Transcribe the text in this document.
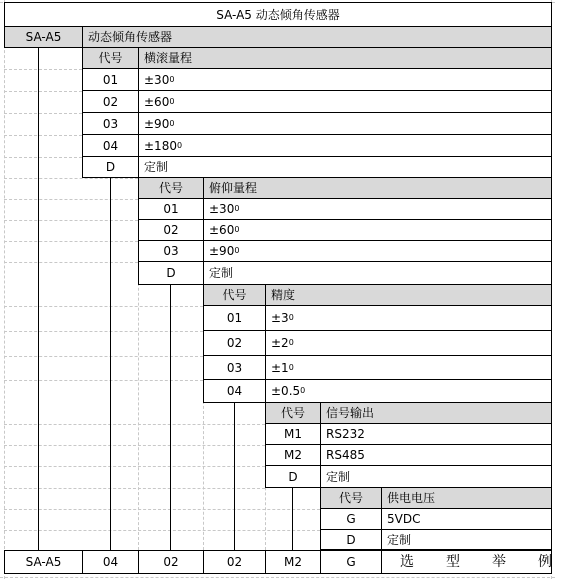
SA-A5 动态倾角传感器
SA-A5	动态倾角传感器
代号	横滚量程
01	±30 0
02	±60 0
03	±90 0
04	±180 0
D	定制
代号	俯仰量程
01	±30 0
02	±60 0
03	±90 0
D	定制
代号	精度
01	±3 0
02	±2 0
03	±1 0
04	±0.5 0
代号	信号输出
M1	RS232
M2	RS485
D	定制
代号	供电电压
G	5VDC
D	定制
SA-A5	04	02	02	M2	G	选型举例
